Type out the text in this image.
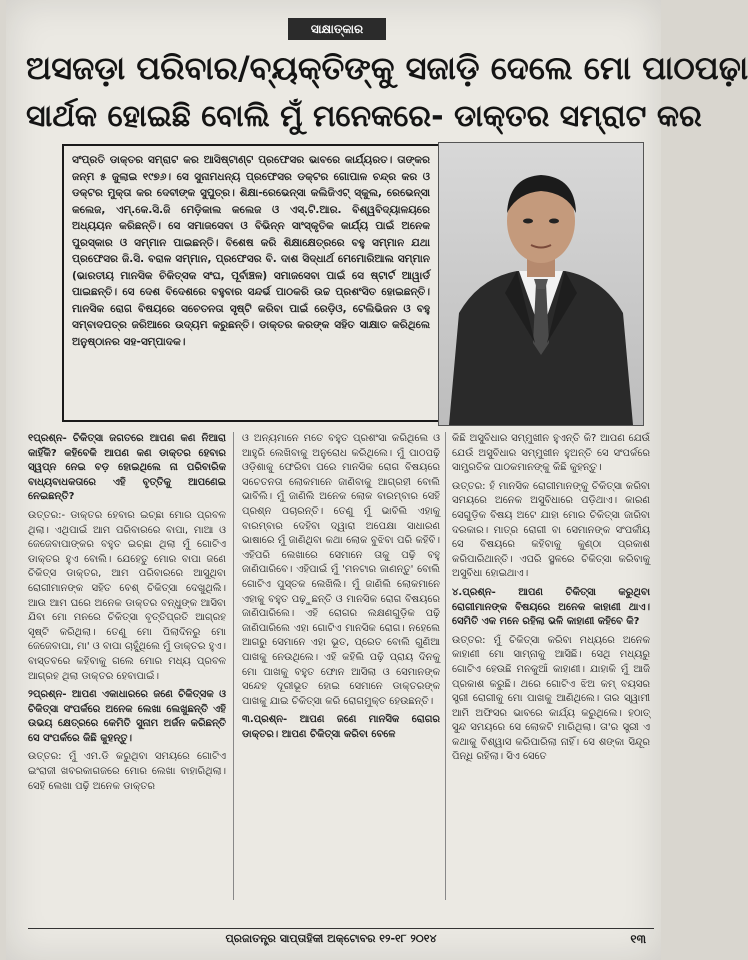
ସାକ୍ଷାତ୍କାର
ଅସଜଡ଼ା ପରିବାର/ବ୍ୟକ୍ତିଙ୍କୁ ସଜାଡ଼ି ଦେଲେ ମୋ ପାଠପଢ଼ା
ସାର୍ଥକ ହୋଇଛି ବୋଲି ମୁଁ ମନେକରେ- ଡାକ୍ତର ସମ୍ରାଟ କର
ସଂପ୍ରତି ଡାକ୍ତର ସମ୍ରାଟ କର ଆସିଷ୍ଟାଣ୍ଟ ପ୍ରଫେସର ଭାବରେ କାର୍ଯ୍ୟରତ। ତାଙ୍କର ଜନ୍ମ ୫ ଜୁଲାଇ ୧୯୭୬। ସେ ସୁନାମଧନ୍ୟ ପ୍ରଫେସର ଡକ୍ଟର ଗୋପାଳ ଚନ୍ଦ୍ର କର ଓ ଡକ୍ଟର ମୁକ୍ତା କର ଦେବୀଙ୍କ ସୁପୁତ୍ର। ଶିକ୍ଷା-ରେଭେନ୍ସା କଲିଜିଏଟ୍ ସ୍କୁଲ, ରେଭେନ୍ସା କଲେଜ, ଏମ୍.କେ.ସି.ଜି ମେଡ଼ିକାଲ କଲେଜ ଓ ଏସ୍.ଟି.ଆର. ବିଶ୍ୱବିଦ୍ୟାଳୟରେ ଅଧ୍ୟୟନ କରିଛନ୍ତି। ସେ ସମାଜସେବା ଓ ବିଭିନ୍ନ ସାଂସ୍କୃତିକ କାର୍ଯ୍ୟ ପାଇଁ ଅନେକ ପୁରସ୍କାର ଓ ସମ୍ମାନ ପାଇଛନ୍ତି। ବିଶେଷ କରି ଶିକ୍ଷାକ୍ଷେତ୍ରରେ ବହୁ ସମ୍ମାନ ଯଥା ପ୍ରଫେସର ଜି.ସି. ବରାଳ ସମ୍ମାନ, ପ୍ରଫେସର ବି. ଦାଶ ସିଦ୍ଧାର୍ଥ ମେମୋରିଆଲ ସମ୍ମାନ (ଭାରତୀୟ ମାନସିକ ଚିକିତ୍ସକ ସଂଘ, ପୂର୍ବାଞ୍ଚଳ) ସମାଜସେବା ପାଇଁ ସେ ଷ୍ଟାର୍ଟ ଆୱାର୍ଡ ପାଇଛନ୍ତି। ସେ ଦେଶ ବିଦେଶରେ ବହୁବାର ସନ୍ଦର୍ଭ ପାଠକରି ଉଚ୍ଚ ପ୍ରଶଂସିତ ହୋଇଛନ୍ତି। ମାନସିକ ରୋଗ ବିଷୟରେ ସଚେତନତା ସୃଷ୍ଟି କରିବା ପାଇଁ ରେଡ଼ିଓ, ଟେଲିଭିଜନ ଓ ବହୁ ସମ୍ବାଦପତ୍ର ଜରିଆରେ ଉଦ୍ୟମ କରୁଛନ୍ତି। ଡାକ୍ତର କରଙ୍କ ସହିତ ସାକ୍ଷାତ କରିଥିଲେ ଅନୁଷ୍ଠାନର ସହ-ସମ୍ପାଦକ।

୧ପ୍ରଶ୍ନ- ଚିକିତ୍ସା ଜଗତରେ ଆପଣ କଣ ନିଆରା କାହିଁକି? କହିବେକି ଆପଣ କଣ ଡାକ୍ତର ହେବାର ସ୍ୱପ୍ନ ନେଇ ବଡ଼ ହୋଇଥିଲେ ନା ପରିବାରିକ ବାଧ୍ୟବାଧକତାରେ ଏହି ବୃତ୍ତିକୁ ଆପଣେଇ ନେଇଛନ୍ତି?

ଉତ୍ତର:- ଡାକ୍ତର ହେବାର ଇଚ୍ଛା ମୋର ପ୍ରବଳ ଥିଲା। ଏଥିପାଇଁ ଆମ ପରିବାରରେ ବାପା, ମାଆ ଓ ଜେଜେବାପାଙ୍କର ବହୁତ ଇଚ୍ଛା ଥିଲା ମୁଁ ଗୋଟିଏ ଡାକ୍ତର ହୁଏ ବୋଲି। ଯେହେତୁ ମୋର ବାପା ଜଣେ ଚିକିତ୍ସ ଡାକ୍ତର, ଆମ ପରିବାରରେ ଆସୁଥିବା ରୋଗୀମାନଙ୍କ ସହିତ ବେଶ୍ ଚିକିତ୍ସା ଦେଖୁଥିଲି। ଆଉ ଆମ ଘରେ ଅନେକ ଡାକ୍ତର ବନ୍ଧୁଙ୍କ ଆସିବା ଯିବା ମୋ ମନରେ ଚିକିତ୍ସା ବୃତ୍ତିପ୍ରତି ଆଗ୍ରହ ସୃଷ୍ଟି କରିଥିଲା। ତେଣୁ ମୋ ପିଲାଦିନରୁ ମୋ ଜେଜେବାପା, ମା' ଓ ବାପା ଚାହୁଁଥିଲେ ମୁଁ ଡାକ୍ତର ହୁଏ। ବାସ୍ତବରେ କହିବାକୁ ଗଲେ ମୋର ମଧ୍ୟ ପ୍ରବଳ ଆଗ୍ରହ ଥିଲା ଡାକ୍ତର ହେବାପାଇଁ।

୨ପ୍ରଶ୍ନ- ଆପଣ ଏକାଧାରରେ ଜଣେ ଚିକିତ୍ସକ ଓ ଚିକିତ୍ସା ସଂପର୍କରେ ଅନେକ ଲେଖା ଲେଖୁଛନ୍ତି ଏହି ଉଭୟ କ୍ଷେତ୍ରରେ କେମିତି ସୁନାମ ଅର୍ଜନ କରିଛନ୍ତି ସେ ସଂପର୍କରେ କିଛି କୁହନ୍ତୁ।

ଉତ୍ତର: ମୁଁ ଏମ.ଡି କରୁଥିବା ସମୟରେ ଗୋଟିଏ ଇଂରାଜୀ ଖବରକାଗଜରେ ମୋର ଲେଖା ବାହାରିଥିଲା। ସେହି ଲେଖା ପଢ଼ି ଅନେକ ଡାକ୍ତର

ଓ ଅନ୍ୟମାନେ ମତେ ବହୁତ ପ୍ରଶଂସା କରିଥିଲେ ଓ ଆହୁରି ଲେଖିବାକୁ ଅନୁରୋଧ କରିଥିଲେ। ମୁଁ ପାଠପଢ଼ି ଓଡ଼ିଶାକୁ ଫେରିବା ପରେ ମାନସିକ ରୋଗ ବିଷୟରେ ସଚେତନତା ଲୋକମାନେ ଜାଣିବାକୁ ଆଗ୍ରହୀ ବୋଲି ଭାବିଲି। ମୁଁ ଜାଣିଲି ଅନେକ ଲୋକ ବାରମ୍ବାର ସେହି ପ୍ରଶ୍ନ ପଚାରନ୍ତି। ତେଣୁ ମୁଁ ଭାବିଲି ଏହାକୁ ବାରମ୍ବାର ଦେହିବା ଦ୍ୱାରା ଅପେକ୍ଷା ସାଧାରଣ ଭାଷାରେ ମୁଁ ଜାଣିଥିବା କଥା ଲୋକ ବୁଝିବା ପରି କହିବି। ଏହିପରି ଲେଖାରେ ସେମାନେ ତାକୁ ପଢ଼ି ବହୁ ଜାଣିପାରିବେ। ଏହିପାଇଁ ମୁଁ 'ମନଟାର ଜାଣନ୍ତୁ' ବୋଲି ଗୋଟିଏ ପୁସ୍ତକ ଲେଖିଲି। ମୁଁ ଜାଣିଲି ଲୋକମାନେ ଏହାକୁ ବହୁତ ପଢ଼ୁଛନ୍ତି ଓ ମାନସିକ ରୋଗ ବିଷୟରେ ଜାଣିପାରିଲେ। ଏହି ରୋଗର ଲକ୍ଷଣଗୁଡ଼ିକ ପଢ଼ି ଜାଣିପାରିଲେ ଏହା ଗୋଟିଏ ମାନସିକ ରୋଗ। ନହେଲେ ଆଗରୁ ସେମାନେ ଏହା ଭୂତ, ପ୍ରେତ ବୋଲି ଗୁଣିଆ ପାଖକୁ ନେଉଥିଲେ। ଏହି କହିଲି ପଢ଼ି ପ୍ରାୟ ଦିନକୁ ମୋ ପାଖକୁ ବହୁତ ଫୋନ ଆସିଲା ଓ ସେମାନଙ୍କ ସନ୍ଦେହ ଦୂରୀଭୂତ ହୋଇ ସେମାନେ ଡାକ୍ତରଙ୍କ ପାଖକୁ ଯାଇ ଚିକିତ୍ସା କରି ରୋଗମୁକ୍ତ ହେଉଛନ୍ତି।

୩.ପ୍ରଶ୍ନ- ଆପଣ ଜଣେ ମାନସିକ ରୋଗର ଡାକ୍ତର। ଆପଣ ଚିକିତ୍ସା କରିବା ବେଳେ

କିଛି ଅସୁବିଧାର ସମ୍ମୁଖୀନ ହୁଏନ୍ତି କି? ଆପଣ ଯେଉଁ ଯେଉଁ ଅସୁବିଧାର ସମ୍ମୁଖୀନ ହୁଅନ୍ତି ସେ ସଂପର୍କରେ ସାମ୍ପ୍ରତିକ ପାଠକମାନଙ୍କୁ କିଛି କୁହନ୍ତୁ।

ଉତ୍ତର: ହଁ ମାନସିକ ରୋଗୀମାନଙ୍କୁ ଚିକିତ୍ସା କରିବା ସମୟରେ ଅନେକ ଅସୁବିଧାରେ ପଡ଼ିଥାଏ। କାରଣ ସେଗୁଡ଼ିକ ବିଷୟ ଅଟେ ଯାହା ମୋର ଚିକିତ୍ସା ଜାରିବା ଦରକାର। ମାତ୍ର ରୋଗୀ ବା ସେମାନଙ୍କ ସଂପର୍କୀୟ ସେ ବିଷୟରେ କହିବାକୁ କୁଣ୍ଠା ପ୍ରକାଶ କରିପାରିଥାନ୍ତି। ଏପରି ସ୍ଥଳରେ ଚିକିତ୍ସା କରିବାକୁ ଅସୁବିଧା ହୋଇଥାଏ।

୪.ପ୍ରଶ୍ନ- ଆପଣ ଚିକିତ୍ସା କରୁଥିବା ରୋଗୀମାନଙ୍କ ବିଷୟରେ ଅନେକ କାହାଣୀ ଥାଏ। ସେମିତି ଏକ ମନେ ରହିଲା ଭଳି କାହାଣୀ କହିବେ କି?

ଉତ୍ତର: ମୁଁ ଚିକିତ୍ସା କରିବା ମଧ୍ୟରେ ଅନେକ କାହାଣୀ ମୋ ସାମ୍ନାକୁ ଆସିଛି। ସେଥି ମଧ୍ୟରୁ ଗୋଟିଏ ହେଉଛି ମନକୁଆଁ କାହାଣୀ। ଯାହାକି ମୁଁ ଆଜି ପ୍ରକାଶ କରୁଛି। ଥରେ ଗୋଟିଏ ଝିଅ କମ୍ ବୟସର ସ୍ତ୍ରୀ ରୋଗୀକୁ ମୋ ପାଖକୁ ଆଣିଥିଲେ। ତାର ସ୍ୱାମୀ ଆମି ଅଫିସର ଭାବରେ କାର୍ଯ୍ୟ କରୁଥିଲେ। ହଠାତ୍ ସୁନ୍ଦ ସମୟରେ ସେ ଲୋକଟି ମାରିଥିଲା। ତା'ର ସ୍ତ୍ରୀ ଏ କଥାକୁ ବିଶ୍ୱାସ କରିପାରିଲା ନାହିଁ। ସେ ଶଙ୍କା ସିନ୍ଦୂର ପିନ୍ଧି ରହିଲା। ସିଏ ସେତେ

ପ୍ରଜାତନ୍ତ୍ର ସାପ୍ତାହିକୀ ଅକ୍ଟୋବର ୧୨-୧୮ ୨୦୧୪	୧୩
